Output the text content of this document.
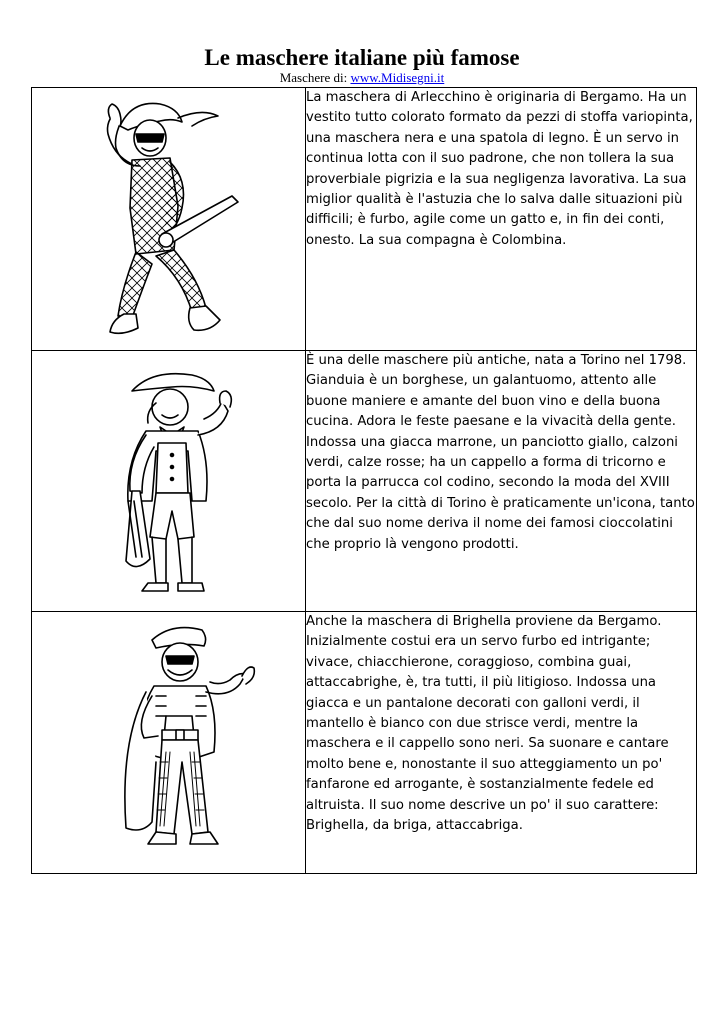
Le maschere italiane più famose
Maschere di: www.Midisegni.it
	La maschera di Arlecchino è originaria di Bergamo. Ha un vestito tutto colorato formato da pezzi di stoffa variopinta, una maschera nera e una spatola di legno. È un servo in continua lotta con il suo padrone, che non tollera la sua proverbiale pigrizia e la sua negligenza lavorativa. La sua miglior qualità è l'astuzia che lo salva dalle situazioni più difficili; è furbo, agile come un gatto e, in fin dei conti, onesto. La sua compagna è Colombina.

	È una delle maschere più antiche, nata a Torino nel 1798. Gianduia è un borghese, un galantuomo, attento alle buone maniere e amante del buon vino e della buona cucina. Adora le feste paesane e la vivacità della gente. Indossa una giacca marrone, un panciotto giallo, calzoni verdi, calze rosse; ha un cappello a forma di tricorno e porta la parrucca col codino, secondo la moda del XVIII secolo. Per la città di Torino è praticamente un'icona, tanto che dal suo nome deriva il nome dei famosi cioccolatini che proprio là vengono prodotti.

	Anche la maschera di Brighella proviene da Bergamo. Inizialmente costui era un servo furbo ed intrigante; vivace, chiacchierone, coraggioso, combina guai, attaccabrighe, è, tra tutti, il più litigioso. Indossa una giacca e un pantalone decorati con galloni verdi, il mantello è bianco con due strisce verdi, mentre la maschera e il cappello sono neri. Sa suonare e cantare molto bene e, nonostante il suo atteggiamento un po' fanfarone ed arrogante, è sostanzialmente fedele ed altruista. Il suo nome descrive un po' il suo carattere: Brighella, da briga, attaccabriga.
